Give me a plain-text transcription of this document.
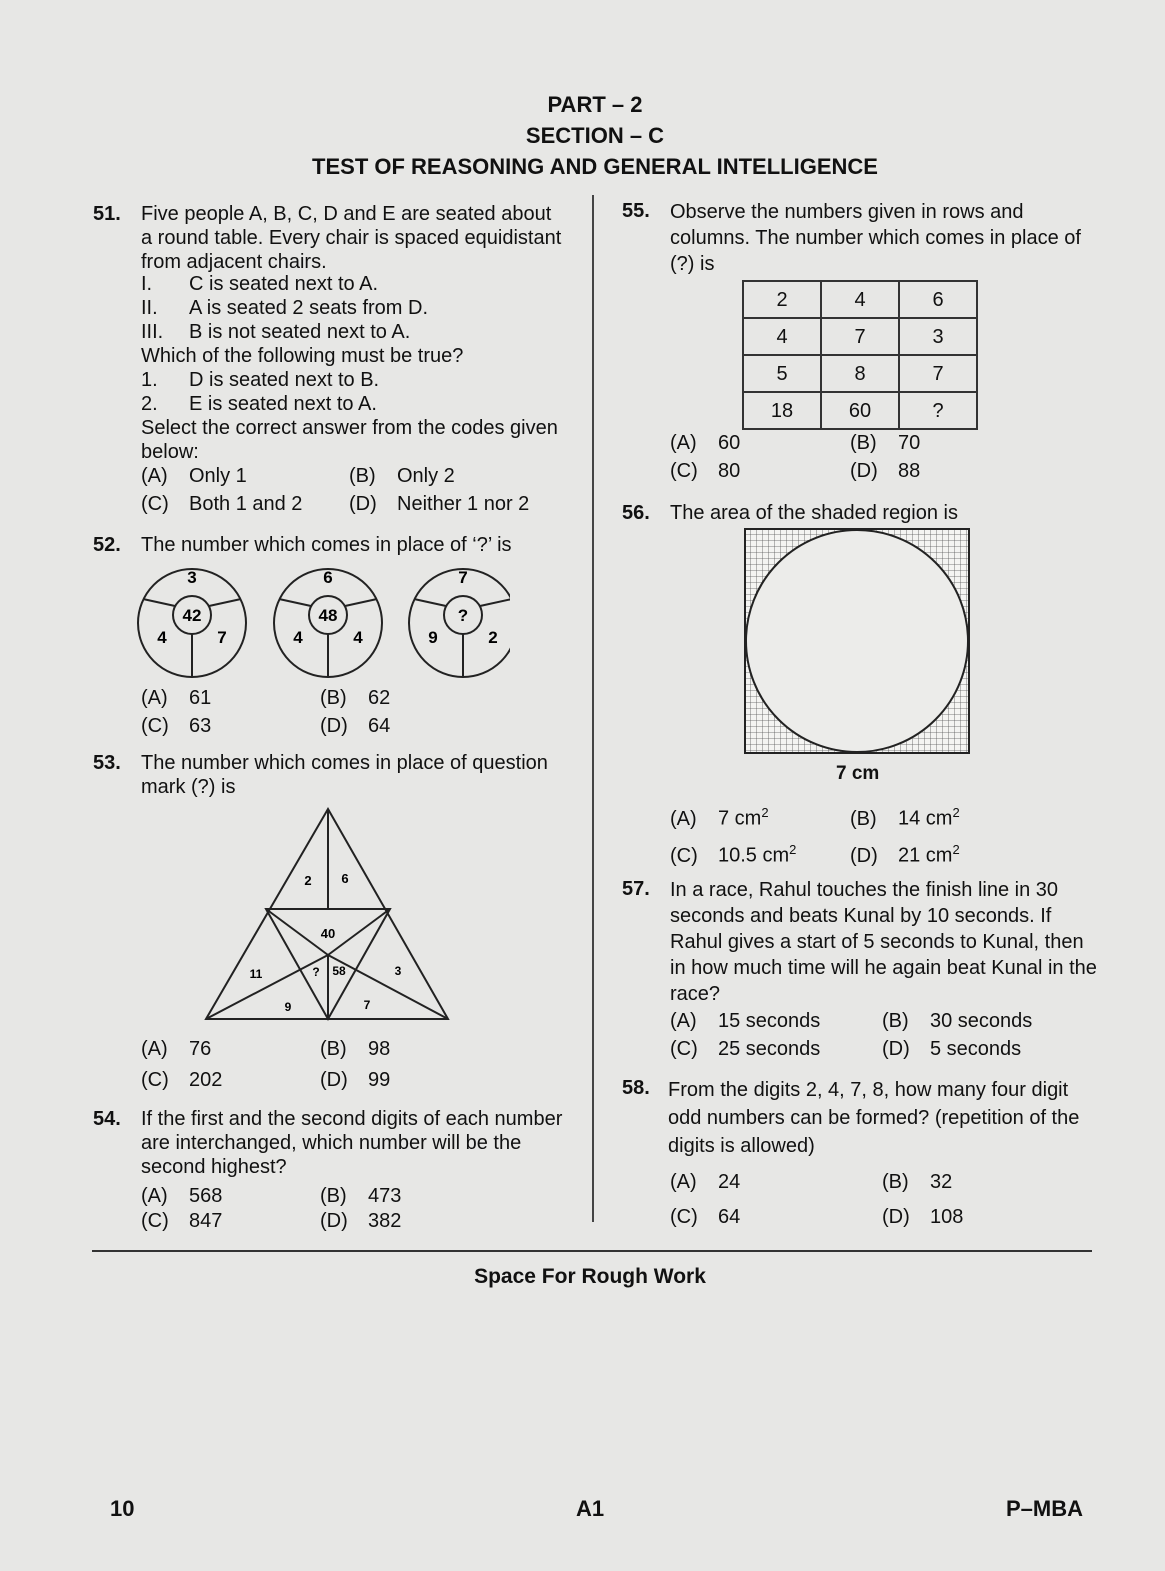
PART – 2
SECTION – C
TEST OF REASONING AND GENERAL INTELLIGENCE
51. Five people A, B, C, D and E are seated about a round table. Every chair is spaced equidistant from adjacent chairs.
I. C is seated next to A.
II. A is seated 2 seats from D.
III. B is not seated next to A.
Which of the following must be true?
1. D is seated next to B.
2. E is seated next to A.
Select the correct answer from the codes given below:
(A) Only 1	(B) Only 2
(C) Both 1 and 2 (D) Neither 1 nor 2
52. The number which comes in place of ‘?’ is
3
42
4	7
6
48
4	4
7
?
9	2
(A) 61	(B) 62
(C) 63	(D) 64
53. The number which comes in place of question mark (?) is
2 6
40
11	? 58	3
9	7
(A) 76	(B) 98
(C) 202	(D) 99
54. If the first and the second digits of each number are interchanged, which number will be the second highest?
(A) 568	(B) 473
(C) 847	(D) 382
55. Observe the numbers given in rows and columns. The number which comes in place of (?) is
2	4	6
4	7	3
5	8	7
18	60	?
(A) 60	(B) 70
(C) 80	(D) 88
56. The area of the shaded region is
7 cm
(A) 7 $cm^2$	(B) 14 $cm^2$
(C) 10.5 $cm^2$	(D) 21 $cm^2$
57. In a race, Rahul touches the finish line in 30 seconds and beats Kunal by 10 seconds. If Rahul gives a start of 5 seconds to Kunal, then in how much time will he again beat Kunal in the race?
(A) 15 seconds	(B) 30 seconds
(C) 25 seconds	(D) 5 seconds
58. From the digits 2, 4, 7, 8, how many four digit odd numbers can be formed? (repetition of the digits is allowed)
(A) 24	(B) 32
(C) 64	(D) 108
Space For Rough Work
10	A1	P–MBA
